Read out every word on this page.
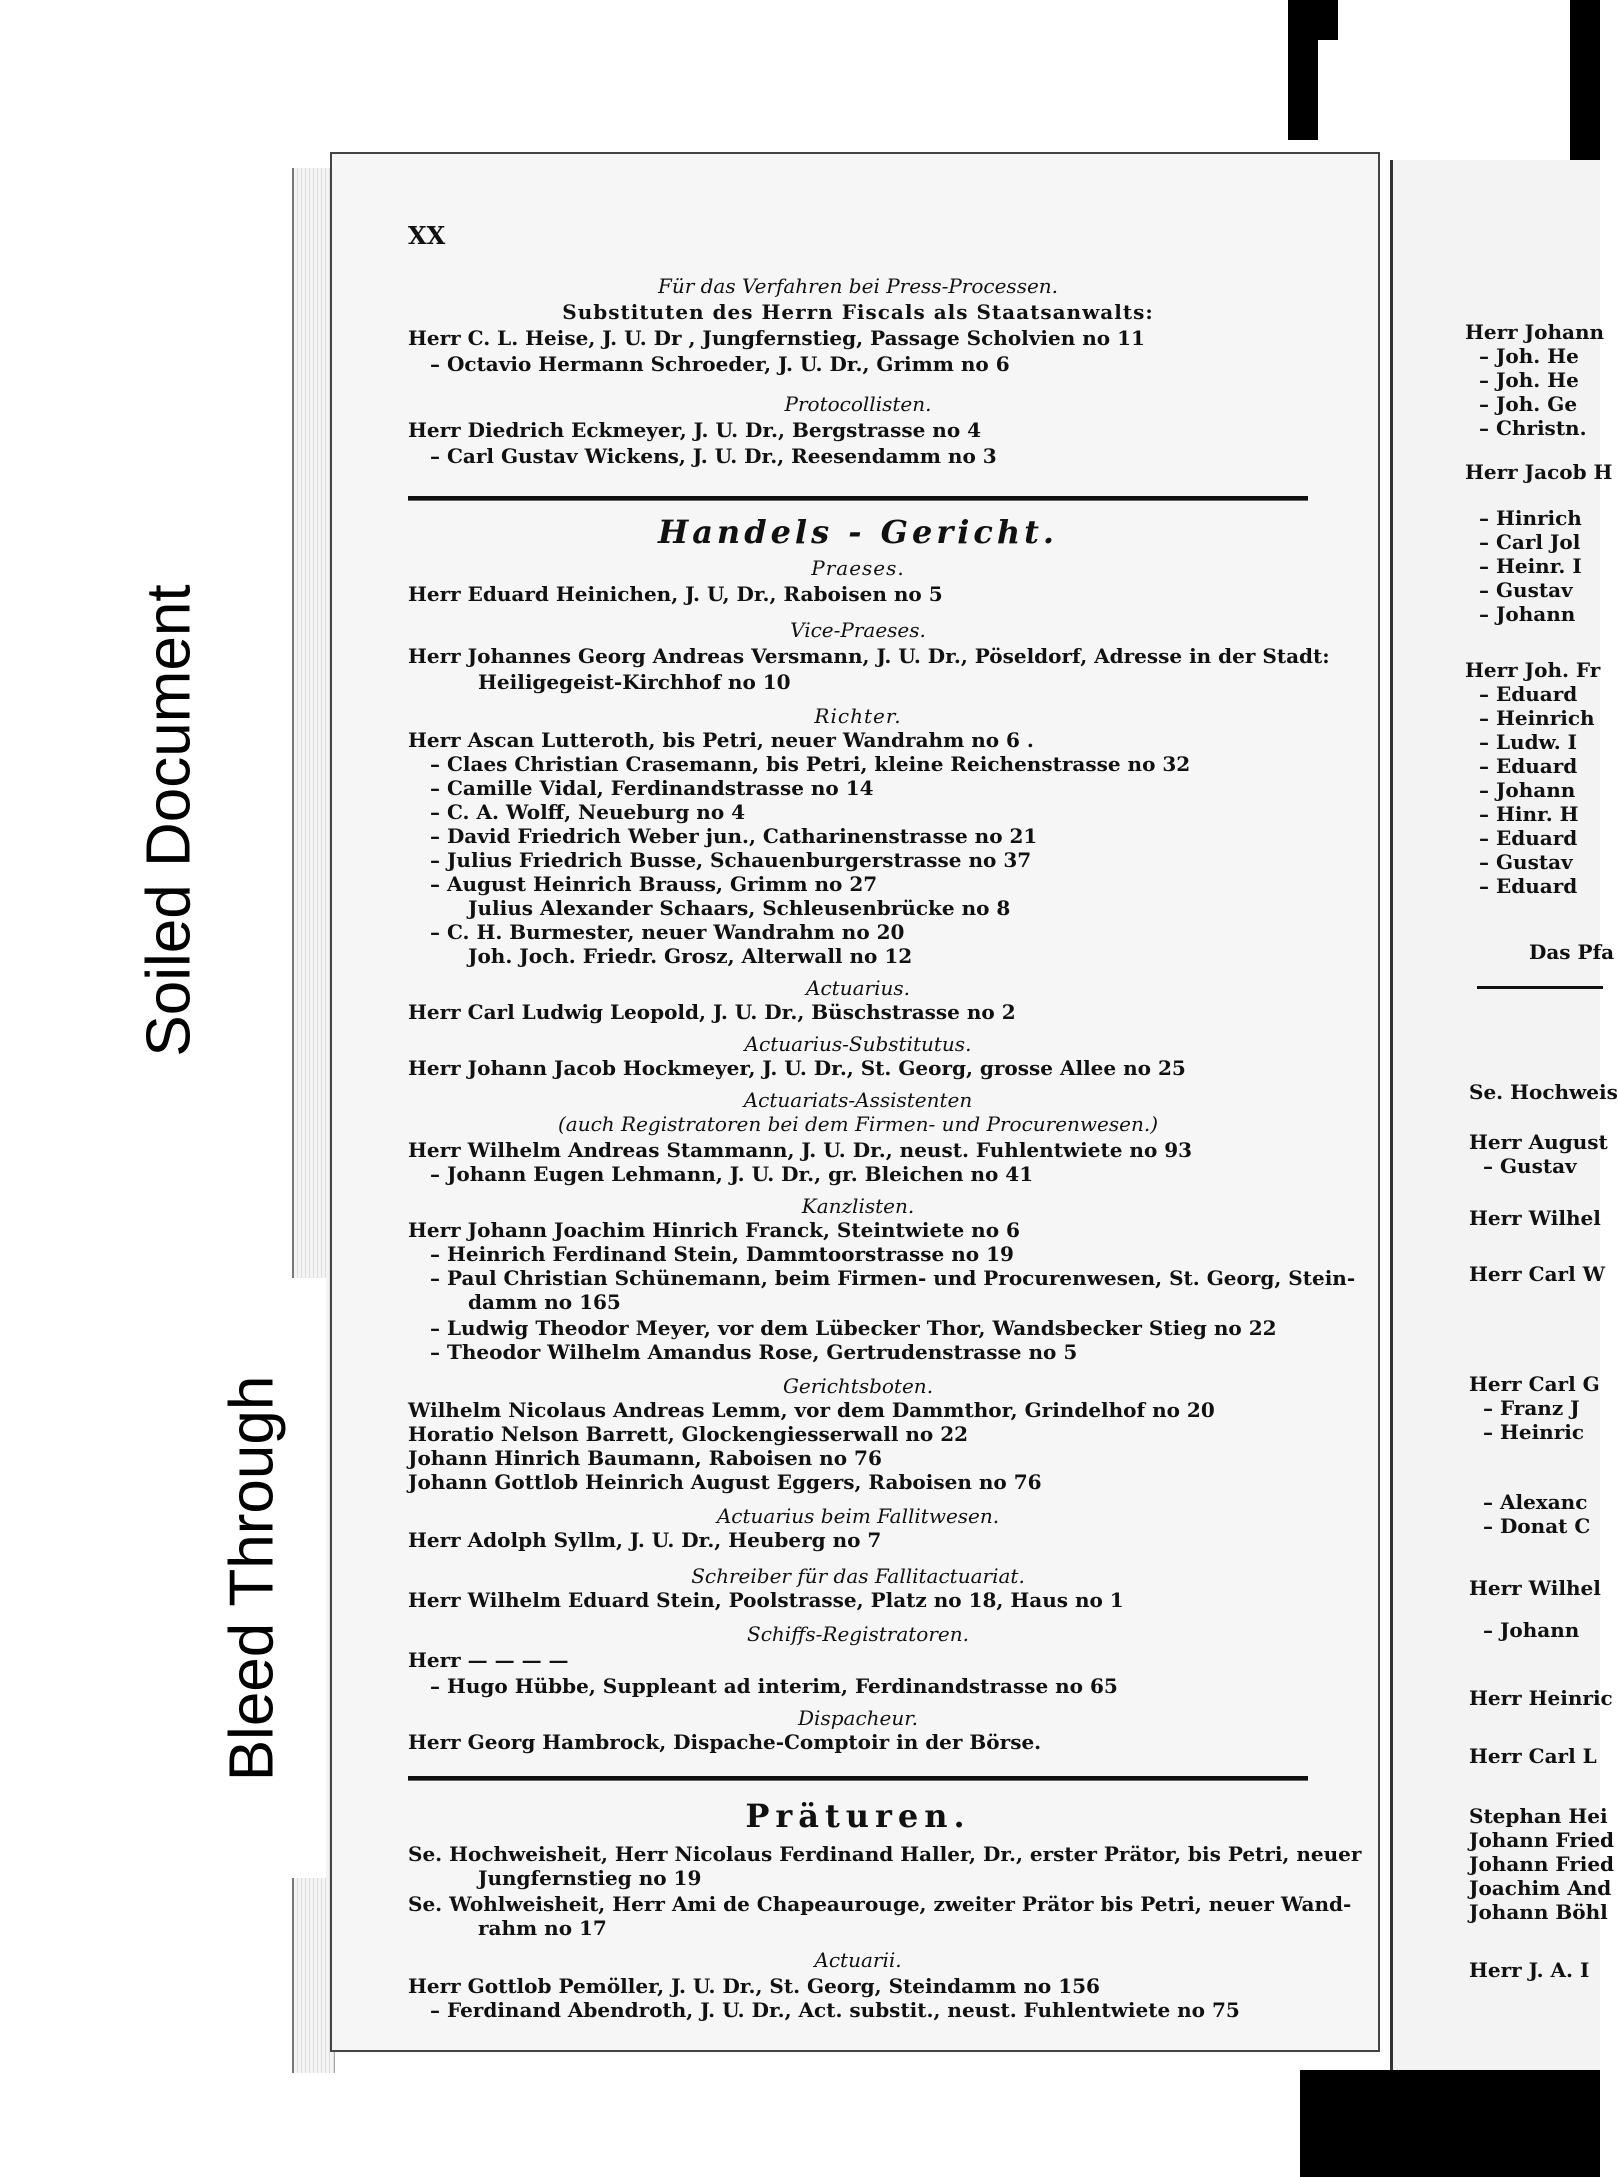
XX
Für das Verfahren bei Press-Processen.
Substituten des Herrn Fiscals als Staatsanwalts:
Herr C. L. Heise, J. U. Dr , Jungfernstieg, Passage Scholvien no 11
– Octavio Hermann Schroeder, J. U. Dr., Grimm no 6
Protocollisten.
Herr Diedrich Eckmeyer, J. U. Dr., Bergstrasse no 4
– Carl Gustav Wickens, J. U. Dr., Reesendamm no 3
Handels - Gericht.
Praeses.
Herr Eduard Heinichen, J. U, Dr., Raboisen no 5
Vice-Praeses.
Herr Johannes Georg Andreas Versmann, J. U. Dr., Pöseldorf, Adresse in der Stadt:
Heiligegeist-Kirchhof no 10
Richter.
Herr Ascan Lutteroth, bis Petri, neuer Wandrahm no 6 .
– Claes Christian Crasemann, bis Petri, kleine Reichenstrasse no 32
– Camille Vidal, Ferdinandstrasse no 14
– C. A. Wolff, Neueburg no 4
– David Friedrich Weber jun., Catharinenstrasse no 21
– Julius Friedrich Busse, Schauenburgerstrasse no 37
– August Heinrich Brauss, Grimm no 27
Julius Alexander Schaars, Schleusenbrücke no 8
– C. H. Burmester, neuer Wandrahm no 20
Joh. Joch. Friedr. Grosz, Alterwall no 12
Actuarius.
Herr Carl Ludwig Leopold, J. U. Dr., Büschstrasse no 2
Actuarius-Substitutus.
Herr Johann Jacob Hockmeyer, J. U. Dr., St. Georg, grosse Allee no 25
Actuariats-Assistenten
(auch Registratoren bei dem Firmen- und Procurenwesen.)
Herr Wilhelm Andreas Stammann, J. U. Dr., neust. Fuhlentwiete no 93
– Johann Eugen Lehmann, J. U. Dr., gr. Bleichen no 41
Kanzlisten.
Herr Johann Joachim Hinrich Franck, Steintwiete no 6
– Heinrich Ferdinand Stein, Dammtoorstrasse no 19
– Paul Christian Schünemann, beim Firmen- und Procurenwesen, St. Georg, Stein-
damm no 165
– Ludwig Theodor Meyer, vor dem Lübecker Thor, Wandsbecker Stieg no 22
– Theodor Wilhelm Amandus Rose, Gertrudenstrasse no 5
Gerichtsboten.
Wilhelm Nicolaus Andreas Lemm, vor dem Dammthor, Grindelhof no 20
Horatio Nelson Barrett, Glockengiesserwall no 22
Johann Hinrich Baumann, Raboisen no 76
Johann Gottlob Heinrich August Eggers, Raboisen no 76
Actuarius beim Fallitwesen.
Herr Adolph Syllm, J. U. Dr., Heuberg no 7
Schreiber für das Fallitactuariat.
Herr Wilhelm Eduard Stein, Poolstrasse, Platz no 18, Haus no 1
Schiffs-Registratoren.
Herr — — — —
– Hugo Hübbe, Suppleant ad interim, Ferdinandstrasse no 65
Dispacheur.
Herr Georg Hambrock, Dispache-Comptoir in der Börse.
Präturen.
Se. Hochweisheit, Herr Nicolaus Ferdinand Haller, Dr., erster Prätor, bis Petri, neuer
Jungfernstieg no 19
Se. Wohlweisheit, Herr Ami de Chapeaurouge, zweiter Prätor bis Petri, neuer Wand-
rahm no 17
Actuarii.
Herr Gottlob Pemöller, J. U. Dr., St. Georg, Steindamm no 156
– Ferdinand Abendroth, J. U. Dr., Act. substit., neust. Fuhlentwiete no 75
Herr Johann
– Joh. He
– Joh. He
– Joh. Ge
– Christn.
Herr Jacob H
– Hinrich
– Carl Jol
– Heinr. I
– Gustav
– Johann
Herr Joh. Fr
– Eduard
– Heinrich
– Ludw. I
– Eduard
– Johann
– Hinr. H
– Eduard
– Gustav
– Eduard
Das Pfa
Se. Hochweis
Herr August
– Gustav
Herr Wilhel
Herr Carl W
Herr Carl G
– Franz J
– Heinric
– Alexanc
– Donat C
Herr Wilhel
– Johann
Herr Heinric
Herr Carl L
Stephan Hei
Johann Fried
Johann Fried
Joachim And
Johann Böhl
Herr J. A. I
Soiled Document
Bleed Through
